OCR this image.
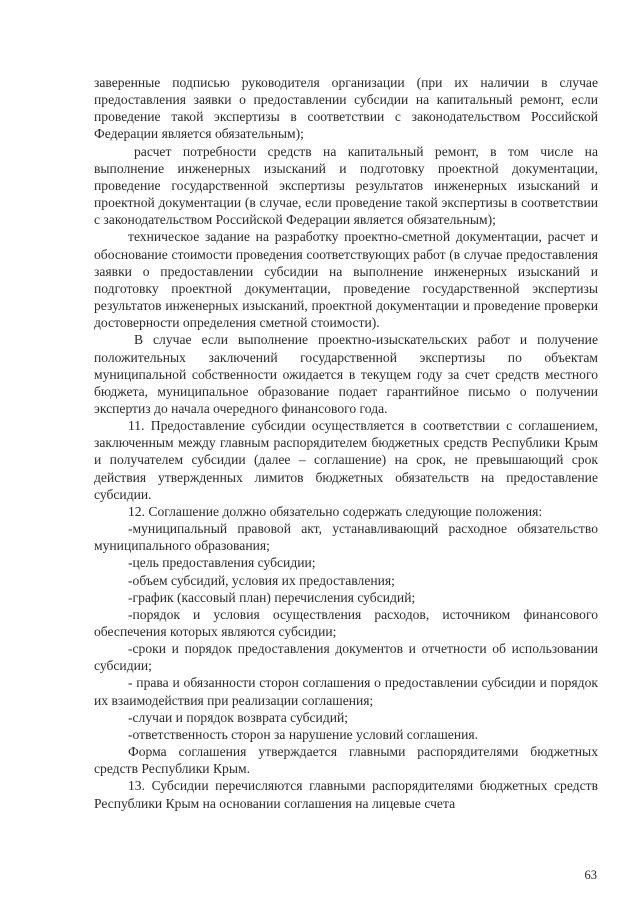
заверенные подписью руководителя организации (при их наличии в случае предоставления заявки о предоставлении субсидии на капитальный ремонт, если проведение такой экспертизы в соответствии с законодательством Российской Федерации является обязательным);

расчет потребности средств на капитальный ремонт, в том числе на выполнение инженерных изысканий и подготовку проектной документации, проведение государственной экспертизы результатов инженерных изысканий и проектной документации (в случае, если проведение такой экспертизы в соответствии с законодательством Российской Федерации является обязательным);

техническое задание на разработку проектно-сметной документации, расчет и обоснование стоимости проведения соответствующих работ (в случае предоставления заявки о предоставлении субсидии на выполнение инженерных изысканий и подготовку проектной документации, проведение государственной экспертизы результатов инженерных изысканий, проектной документации и проведение проверки достоверности определения сметной стоимости).

В случае если выполнение проектно-изыскательских работ и получение положительных заключений государственной экспертизы по объектам муниципальной собственности ожидается в текущем году за счет средств местного бюджета, муниципальное образование подает гарантийное письмо о получении экспертиз до начала очередного финансового года.

11. Предоставление субсидии осуществляется в соответствии с соглашением, заключенным между главным распорядителем бюджетных средств Республики Крым и получателем субсидии (далее – соглашение) на срок, не превышающий срок действия утвержденных лимитов бюджетных обязательств на предоставление субсидии.

12. Соглашение должно обязательно содержать следующие положения:

-муниципальный правовой акт, устанавливающий расходное обязательство муниципального образования;

-цель предоставления субсидии;

-объем субсидий, условия их предоставления;

-график (кассовый план) перечисления субсидий;

-порядок и условия осуществления расходов, источником финансового обеспечения которых являются субсидии;

-сроки и порядок предоставления документов и отчетности об использовании субсидии;

- права и обязанности сторон соглашения о предоставлении субсидии и порядок их взаимодействия при реализации соглашения;

-случаи и порядок возврата субсидий;

-ответственность сторон за нарушение условий соглашения.

Форма соглашения утверждается главными распорядителями бюджетных средств Республики Крым.

13. Субсидии перечисляются главными распорядителями бюджетных средств Республики Крым на основании соглашения на лицевые счета

63
